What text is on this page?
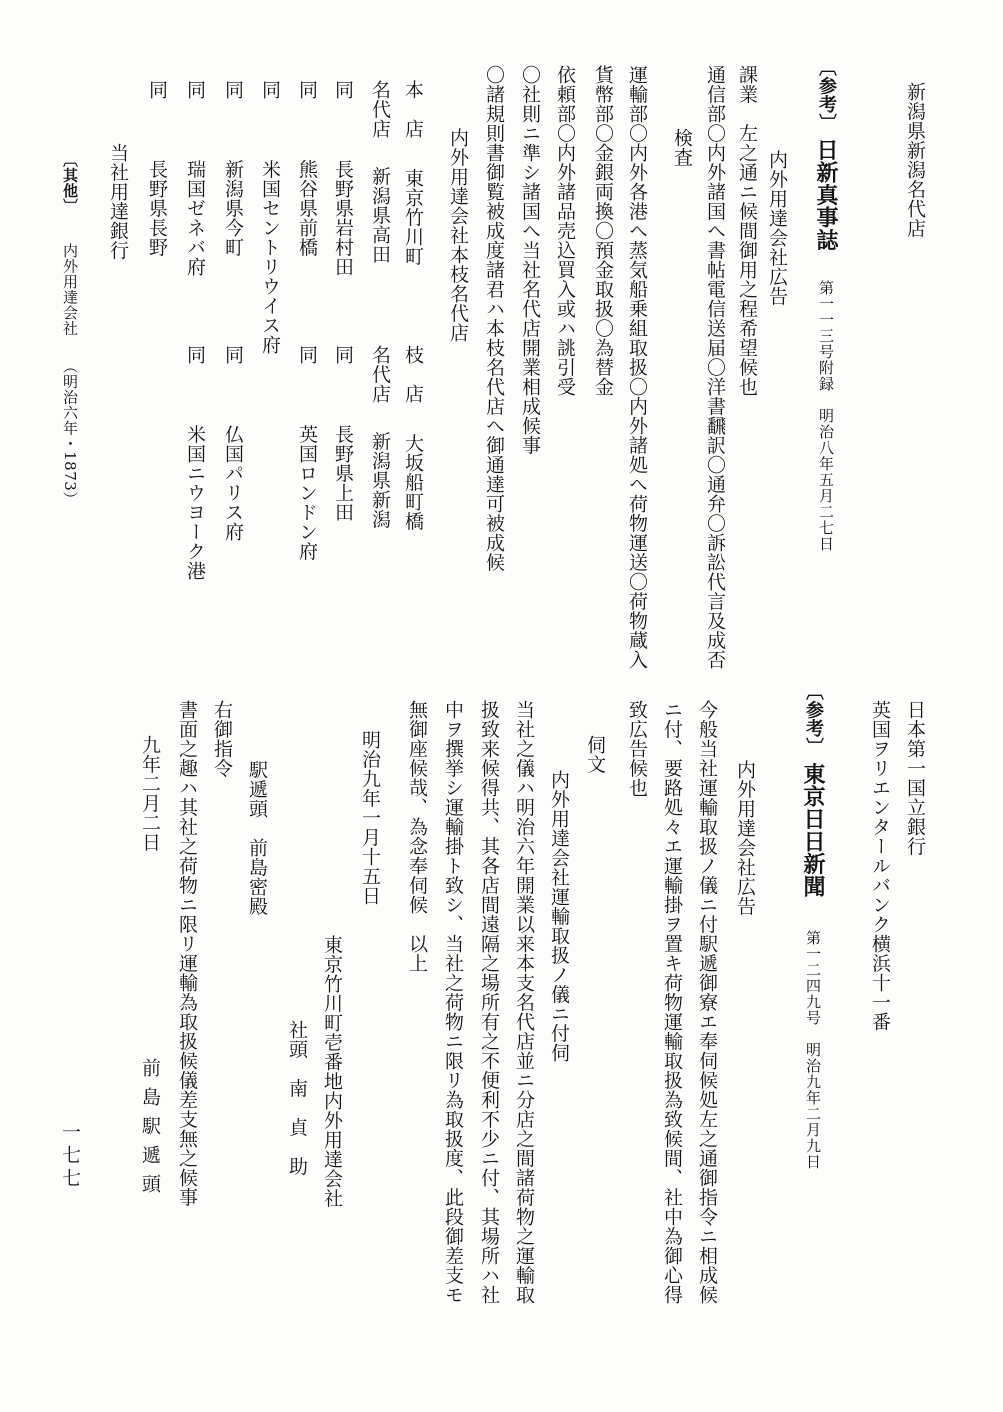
新潟県新潟名代店
〔参考〕 日新真事誌 第一一三号附録　明治八年五月二七日
内外用達会社広告
課業　左之通ニ候間御用之程希望候也
通信部〇内外諸国へ書帖電信送届〇洋書飜訳〇通弁〇訴訟代言及成否
検査
運輸部〇内外各港へ蒸気船乗組取扱〇内外諸処へ荷物運送〇荷物蔵入
貨幣部〇金銀両換〇預金取扱〇為替金
依頼部〇内外諸品売込買入或ハ誂引受
〇社則ニ準シ諸国へ当社名代店開業相成候事
〇諸規則書御覧被成度諸君ハ本枝名代店へ御通達可被成候
内外用達会社本枝名代店
本　店東京竹川町
枝　店大坂船町橋
名代店新潟県高田
名代店新潟県新潟
同長野県岩村田
同長野県上田
同熊谷県前橋
同英国ロンドン府
同米国セントリウイス府
同新潟県今町
同仏国パリス府
同瑞国ゼネバ府
同米国ニウヨーク港
同長野県長野
当社用達銀行
〔其他〕  内外用達会社  （明治六年・1873）
日本第一国立銀行
英国ヲリエンタールバンク横浜十一番
〔参考〕 東京日日新聞 第一二四九号　明治九年二月九日
内外用達会社広告
今般当社運輸取扱ノ儀ニ付駅遞御寮エ奉伺候処左之通御指令ニ相成候
ニ付、要路処々エ運輸掛ヲ置キ荷物運輸取扱為致候間、社中為御心得
致広告候也
伺文
内外用達会社運輸取扱ノ儀ニ付伺
当社之儀ハ明治六年開業以来本支名代店並ニ分店之間諸荷物之運輸取
扱致来候得共、其各店間遠隔之場所有之不便利不少ニ付、其場所ハ社
中ヲ撰挙シ運輸掛ト致シ、当社之荷物ニ限リ為取扱度、此段御差支モ
無御座候哉、為念奉伺候　以上
明治九年一月十五日
東京竹川町壱番地内外用達会社
社頭　南　貞　助
駅遞頭　前島密殿
右御指令
書面之趣ハ其社之荷物ニ限リ運輸為取扱候儀差支無之候事
九年二月二日
前島駅遞頭
一七七
